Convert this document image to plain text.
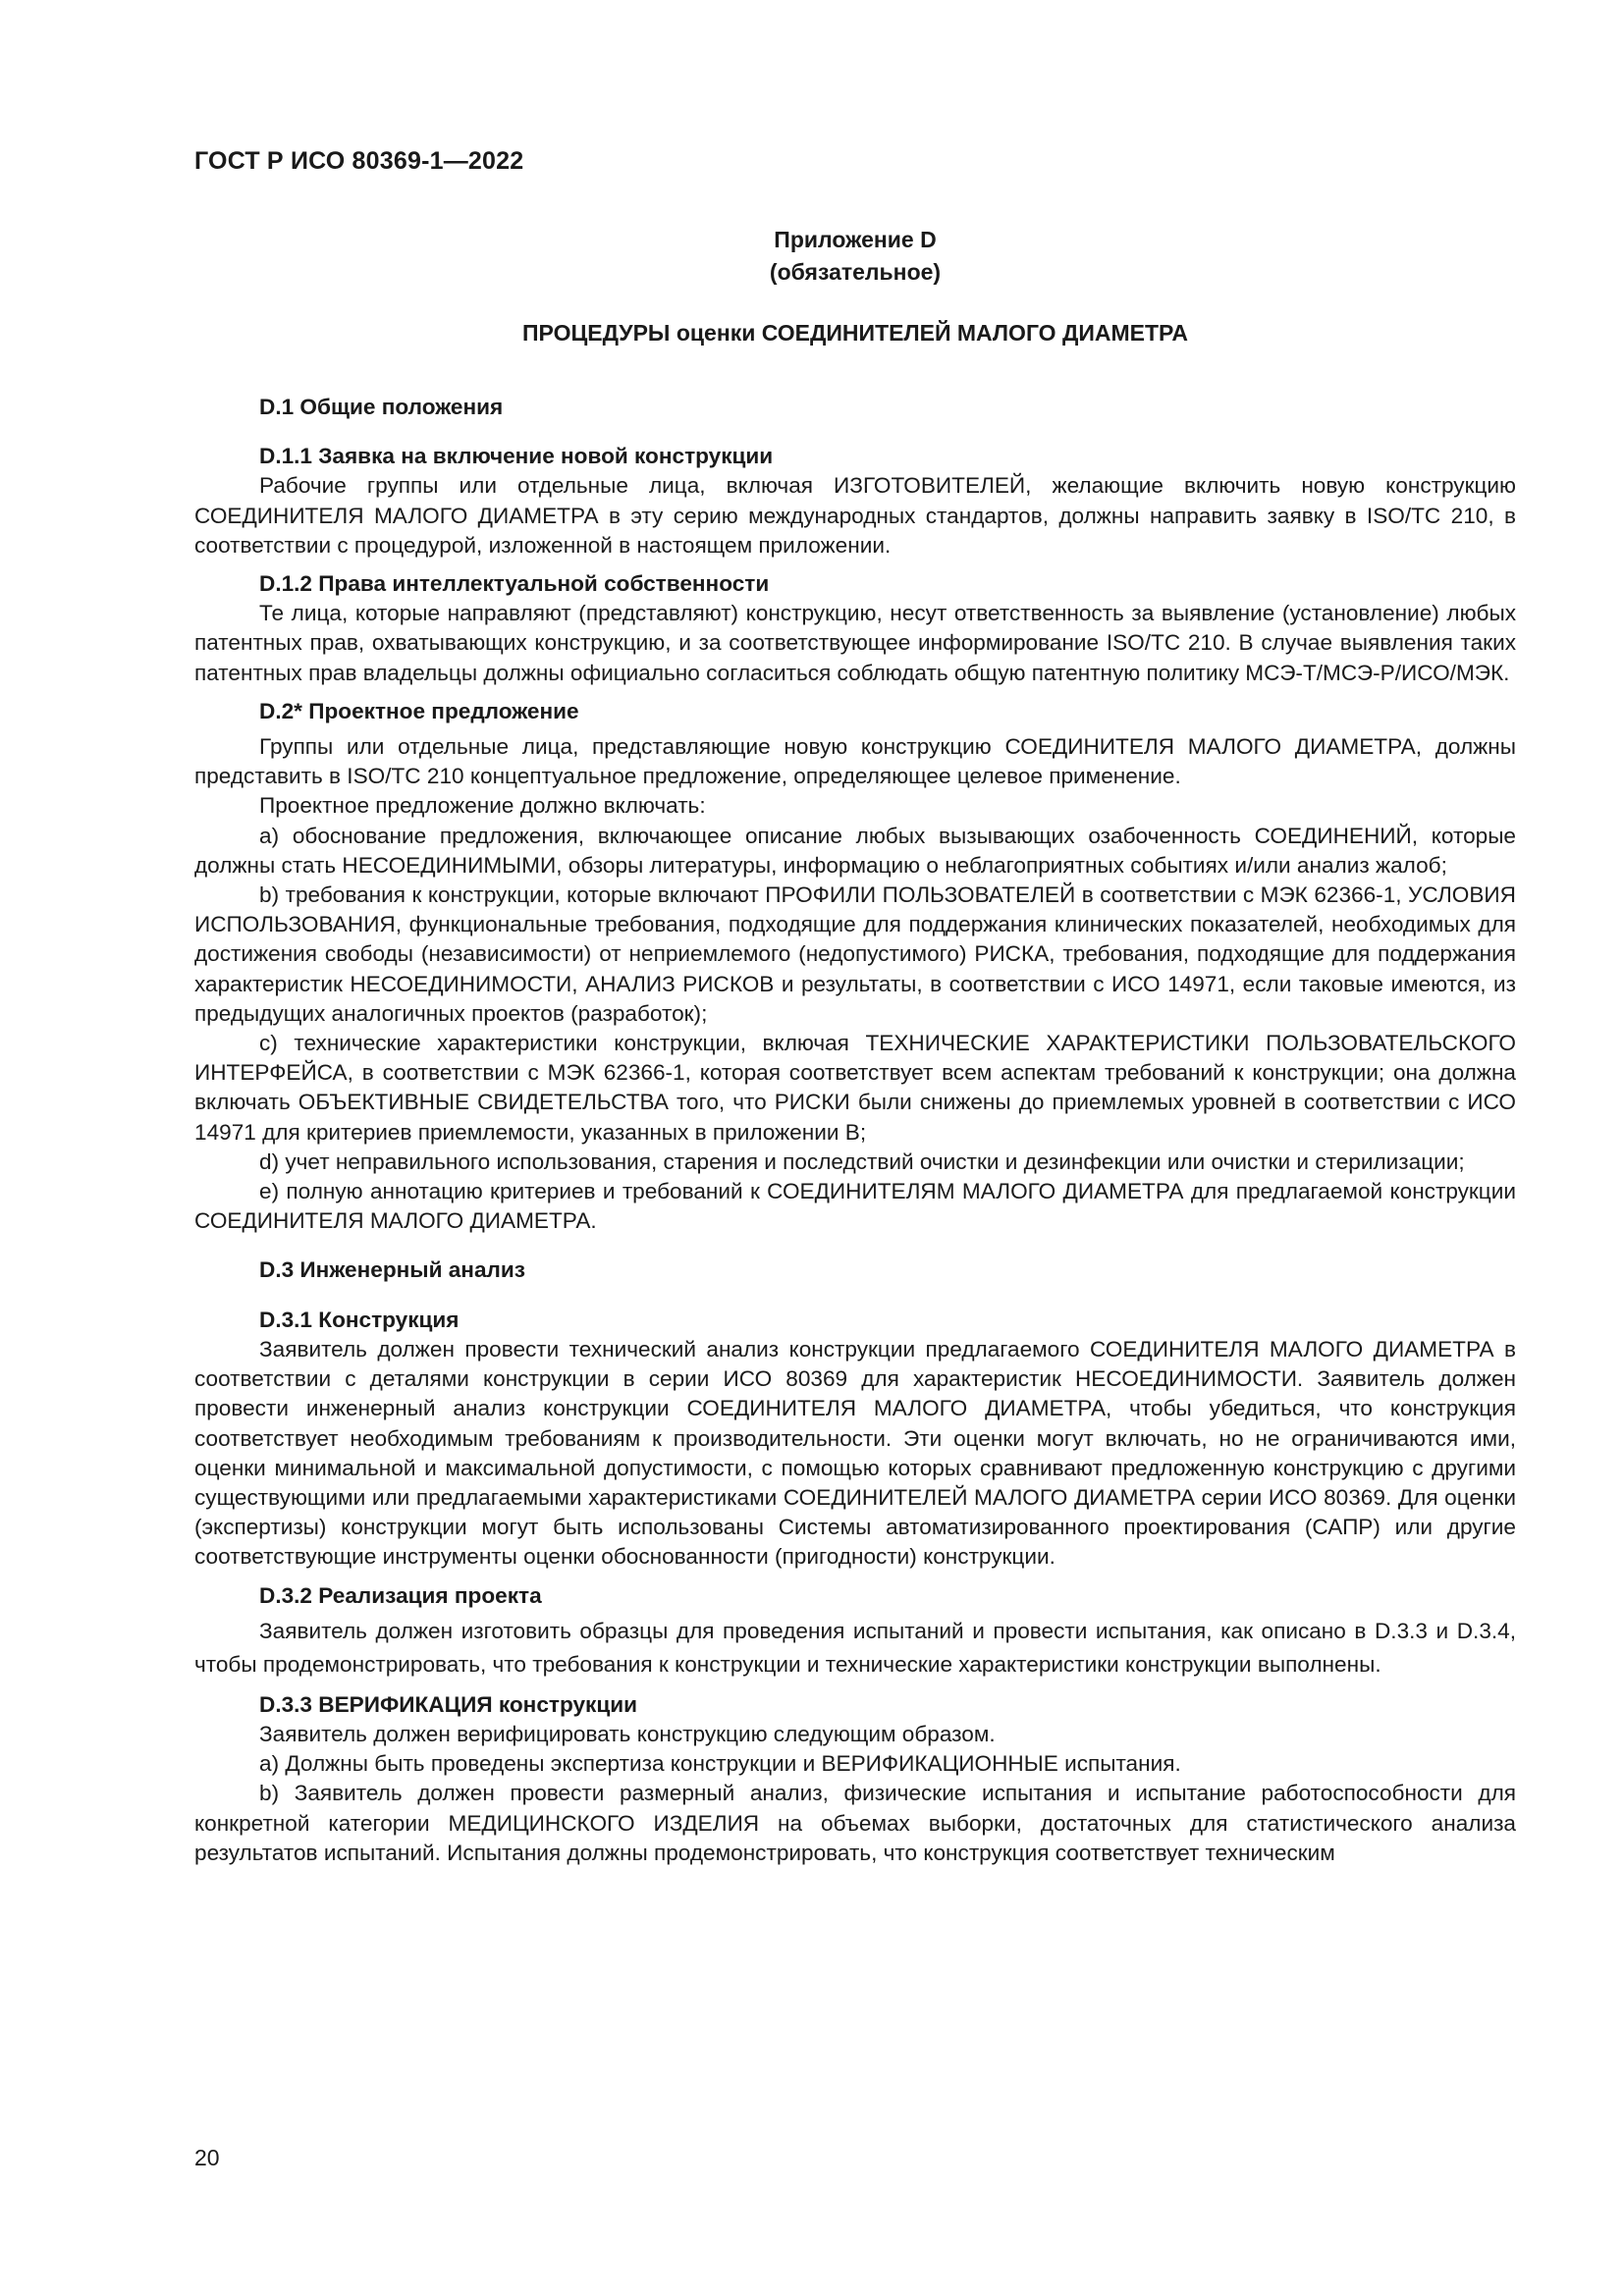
ГОСТ Р ИСО 80369-1—2022
Приложение D
(обязательное)
ПРОЦЕДУРЫ оценки СОЕДИНИТЕЛЕЙ МАЛОГО ДИАМЕТРА
D.1 Общие положения
D.1.1 Заявка на включение новой конструкции

Рабочие группы или отдельные лица, включая ИЗГОТОВИТЕЛЕЙ, желающие включить новую конструкцию СОЕДИНИТЕЛЯ МАЛОГО ДИАМЕТРА в эту серию международных стандартов, должны направить заявку в ISO/TC 210, в соответствии с процедурой, изложенной в настоящем приложении.

D.1.2 Права интеллектуальной собственности

Те лица, которые направляют (представляют) конструкцию, несут ответственность за выявление (установление) любых патентных прав, охватывающих конструкцию, и за соответствующее информирование ISO/TC 210. В случае выявления таких патентных прав владельцы должны официально согласиться соблюдать общую патентную политику МСЭ-Т/МСЭ-Р/ИСО/МЭК.

D.2* Проектное предложение

Группы или отдельные лица, представляющие новую конструкцию СОЕДИНИТЕЛЯ МАЛОГО ДИАМЕТРА, должны представить в ISO/TC 210 концептуальное предложение, определяющее целевое применение.

Проектное предложение должно включать:

a) обоснование предложения, включающее описание любых вызывающих озабоченность СОЕДИНЕНИЙ, которые должны стать НЕСОЕДИНИМЫМИ, обзоры литературы, информацию о неблагоприятных событиях и/или анализ жалоб;

b) требования к конструкции, которые включают ПРОФИЛИ ПОЛЬЗОВАТЕЛЕЙ в соответствии с МЭК 62366-1, УСЛОВИЯ ИСПОЛЬЗОВАНИЯ, функциональные требования, подходящие для поддержания клинических показателей, необходимых для достижения свободы (независимости) от неприемлемого (недопустимого) РИСКА, требования, подходящие для поддержания характеристик НЕСОЕДИНИМОСТИ, АНАЛИЗ РИСКОВ и результаты, в соответствии с ИСО 14971, если таковые имеются, из предыдущих аналогичных проектов (разработок);

c) технические характеристики конструкции, включая ТЕХНИЧЕСКИЕ ХАРАКТЕРИСТИКИ ПОЛЬЗОВАТЕЛЬСКОГО ИНТЕРФЕЙСА, в соответствии с МЭК 62366-1, которая соответствует всем аспектам требований к конструкции; она должна включать ОБЪЕКТИВНЫЕ СВИДЕТЕЛЬСТВА того, что РИСКИ были снижены до приемлемых уровней в соответствии с ИСО 14971 для критериев приемлемости, указанных в приложении B;

d) учет неправильного использования, старения и последствий очистки и дезинфекции или очистки и стерилизации;

e) полную аннотацию критериев и требований к СОЕДИНИТЕЛЯМ МАЛОГО ДИАМЕТРА для предлагаемой конструкции СОЕДИНИТЕЛЯ МАЛОГО ДИАМЕТРА.

D.3 Инженерный анализ
D.3.1 Конструкция

Заявитель должен провести технический анализ конструкции предлагаемого СОЕДИНИТЕЛЯ МАЛОГО ДИАМЕТРА в соответствии с деталями конструкции в серии ИСО 80369 для характеристик НЕСОЕДИНИМОСТИ. Заявитель должен провести инженерный анализ конструкции СОЕДИНИТЕЛЯ МАЛОГО ДИАМЕТРА, чтобы убедиться, что конструкция соответствует необходимым требованиям к производительности. Эти оценки могут включать, но не ограничиваются ими, оценки минимальной и максимальной допустимости, с помощью которых сравнивают предложенную конструкцию с другими существующими или предлагаемыми характеристиками СОЕДИНИТЕЛЕЙ МАЛОГО ДИАМЕТРА серии ИСО 80369. Для оценки (экспертизы) конструкции могут быть использованы Системы автоматизированного проектирования (САПР) или другие соответствующие инструменты оценки обоснованности (пригодности) конструкции.

D.3.2 Реализация проекта

Заявитель должен изготовить образцы для проведения испытаний и провести испытания, как описано в D.3.3 и D.3.4, чтобы продемонстрировать, что требования к конструкции и технические характеристики конструкции выполнены.

D.3.3 ВЕРИФИКАЦИЯ конструкции

Заявитель должен верифицировать конструкцию следующим образом.

a) Должны быть проведены экспертиза конструкции и ВЕРИФИКАЦИОННЫЕ испытания.

b) Заявитель должен провести размерный анализ, физические испытания и испытание работоспособности для конкретной категории МЕДИЦИНСКОГО ИЗДЕЛИЯ на объемах выборки, достаточных для статистического анализа результатов испытаний. Испытания должны продемонстрировать, что конструкция соответствует техническим

20
